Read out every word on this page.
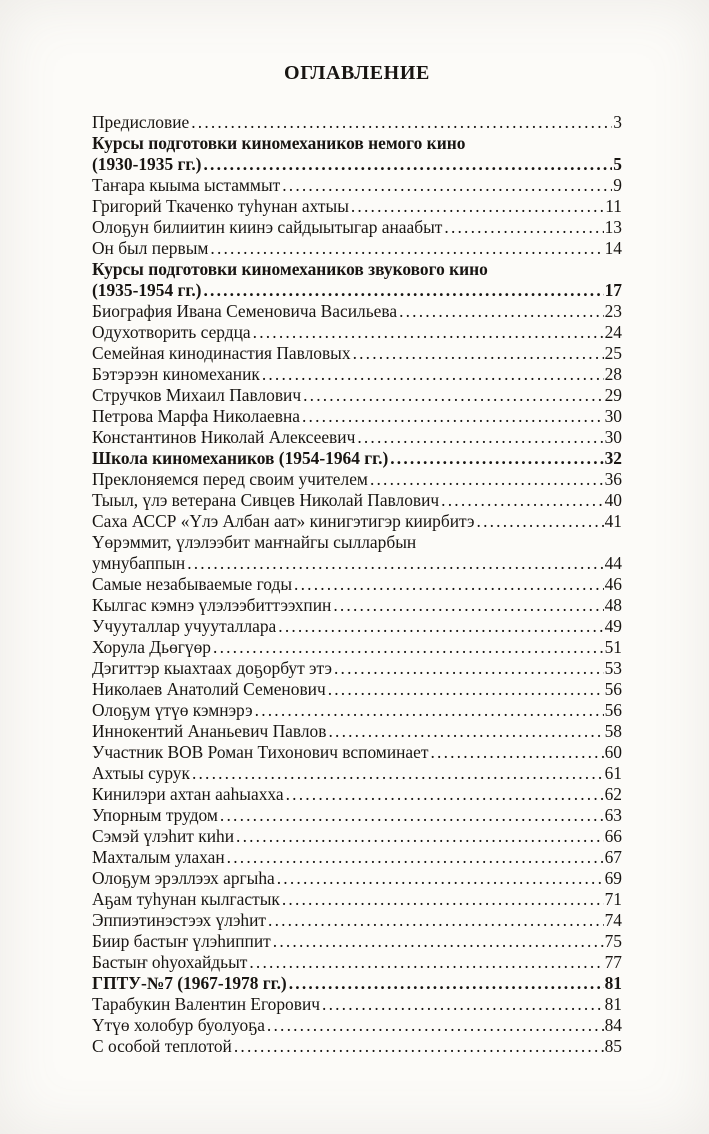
ОГЛАВЛЕНИЕ
Предисловие .....	3
Курсы подготовки киномехаников немого кино
(1930-1935 гг.) .....	5
Таҥара кыыма ыстаммыт .....	9
Григорий Ткаченко туһунан ахтыы .....	11
Олоҕун билиитин киинэ сайдыытыгар анаабыт .....	13
Он был первым .....	14
Курсы подготовки киномехаников звукового кино
(1935-1954 гг.) .....	17
Биография Ивана Семеновича Васильева .....	23
Одухотворить сердца .....	24
Семейная кинодинастия Павловых .....	25
Бэтэрээн киномеханик .....	28
Стручков Михаил Павлович .....	29
Петрова Марфа Николаевна .....	30
Константинов Николай Алексеевич .....	30
Школа киномехаников (1954-1964 гг.) .....	32
Преклоняемся перед своим учителем .....	36
Тыыл, үлэ ветерана Сивцев Николай Павлович .....	40
Саха АССР «Үлэ Албан аат» кинигэтигэр киирбитэ .....	41
Үөрэммит, үлэлээбит маҥнайгы сылларбын
умнубаппын .....	44
Самые незабываемые годы .....	46
Кылгас кэмнэ үлэлээбиттээхпин .....	48
Учууталлар учууталлара .....	49
Хорула Дьөгүөр .....	51
Дэгиттэр кыахтаах доҕорбут этэ .....	53
Николаев Анатолий Семенович .....	56
Олоҕум үтүө кэмнэрэ .....	56
Иннокентий Ананьевич Павлов .....	58
Участник ВОВ Роман Тихонович вспоминает .....	60
Ахтыы сурук .....	61
Кинилэри ахтан ааһыахха .....	62
Упорным трудом .....	63
Сэмэй үлэһит киһи .....	66
Махталым улахан .....	67
Олоҕум эрэллээх аргыһа .....	69
Аҕам туһунан кылгастык .....	71
Эппиэтинэстээх үлэһит .....	74
Биир бастыҥ үлэһиппит .....	75
Бастыҥ оһуохайдьыт .....	77
ГПТУ-№7 (1967-1978 гг.) .....	81
Тарабукин Валентин Егорович .....	81
Үтүө холобур буолуоҕа .....	84
С особой теплотой .....	85
